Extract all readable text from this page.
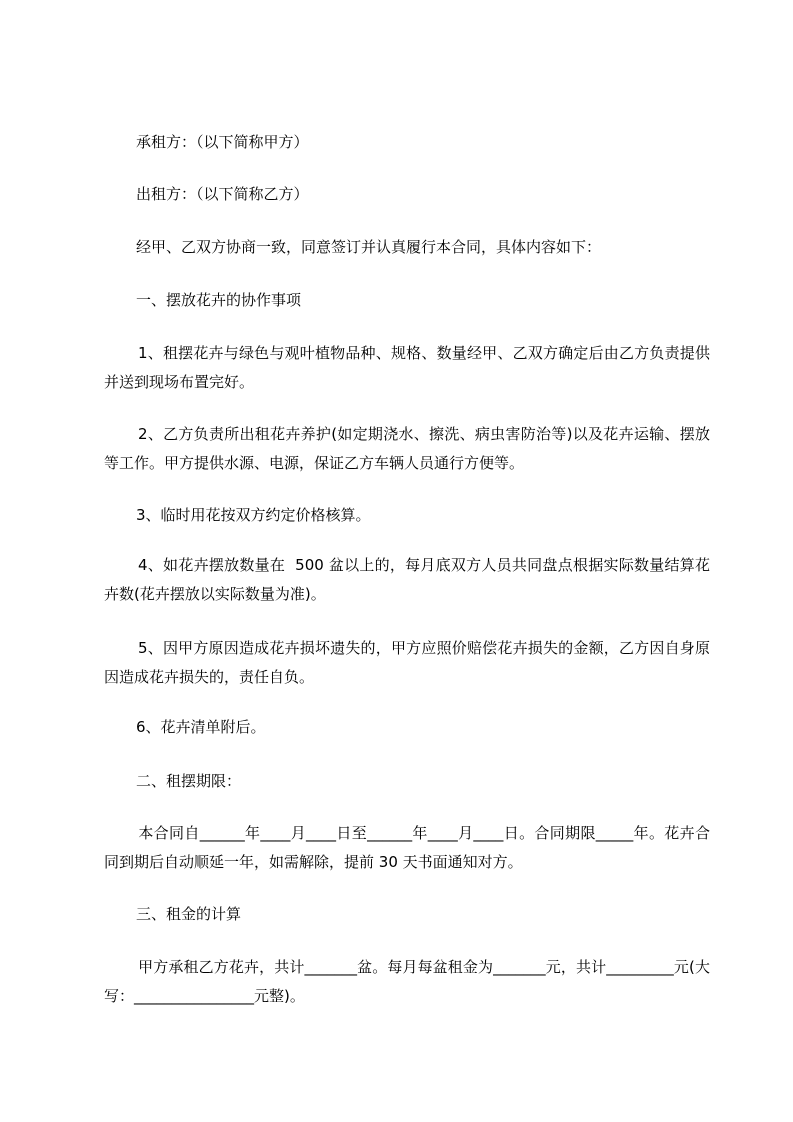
承租方：（以下简称甲方）
出租方：（以下简称乙方）
经甲、乙双方协商一致，同意签订并认真履行本合同，具体内容如下：
一、摆放花卉的协作事项
1、租摆花卉与绿色与观叶植物品种、规格、数量经甲、乙双方确定后由乙方负责提供并送到现场布置完好。
2、乙方负责所出租花卉养护(如定期浇水、擦洗、病虫害防治等)以及花卉运输、摆放等工作。甲方提供水源、电源，保证乙方车辆人员通行方便等。
3、临时用花按双方约定价格核算。
4、如花卉摆放数量在  500 盆以上的，每月底双方人员共同盘点根据实际数量结算花卉数(花卉摆放以实际数量为准)。
5、因甲方原因造成花卉损坏遗失的，甲方应照价赔偿花卉损失的金额，乙方因自身原因造成花卉损失的，责任自负。
6、花卉清单附后。
二、租摆期限：
本合同自______年____月____日至______年____月____日。合同期限_____年。花卉合同到期后自动顺延一年，如需解除，提前 30 天书面通知对方。
三、租金的计算
甲方承租乙方花卉，共计_______盆。每月每盆租金为_______元，共计_________元(大写：________________元整)。
